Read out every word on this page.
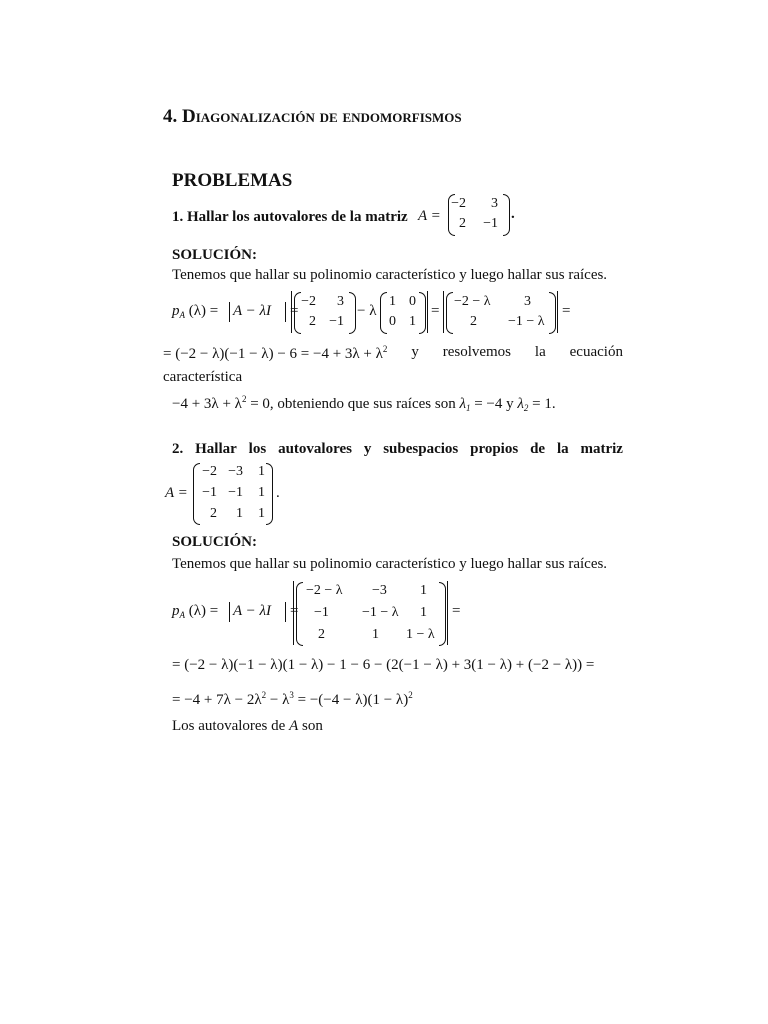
4. Diagonalización de endomorfismos
PROBLEMAS
1. Hallar los autovalores de la matriz A =
−2 3
2 −1
.
SOLUCIÓN:
Tenemos que hallar su polinomio característico y luego hallar sus raíces.
$p_A$ (λ) = A − λI =
−2 3
2 −1
− λ
1 0
0 1
=
−2 − λ 3
2 −1 − λ
=
= $(-2 - \lambda)(-1 - \lambda) - 6 = -4 + 3\lambda + \lambda^2$ y resolvemos la ecuación
característica
$-4 + 3\lambda + \lambda^2 = 0$, obteniendo que sus raíces son $\lambda_1 = -4$ y $\lambda_2 = 1$.
2. Hallar los autovalores y subespacios propios de la matriz
A =
−2 −3 1
−1 −1 1
2 1 1
.
SOLUCIÓN:
Tenemos que hallar su polinomio característico y luego hallar sus raíces.
$p_A$ (λ) = A − λI =
−2 − λ −3 1
−1 −1 − λ 1
2	1 1 − λ
=
= (−2 − λ)(−1 − λ)(1 − λ) − 1 − 6 − (2(−1 − λ) + 3(1 − λ) + (−2 − λ)) =
= $-4 + 7\lambda - 2\lambda^2 - \lambda^3 = -(-4 - \lambda)(1 - \lambda)^2$
Los autovalores de A son
